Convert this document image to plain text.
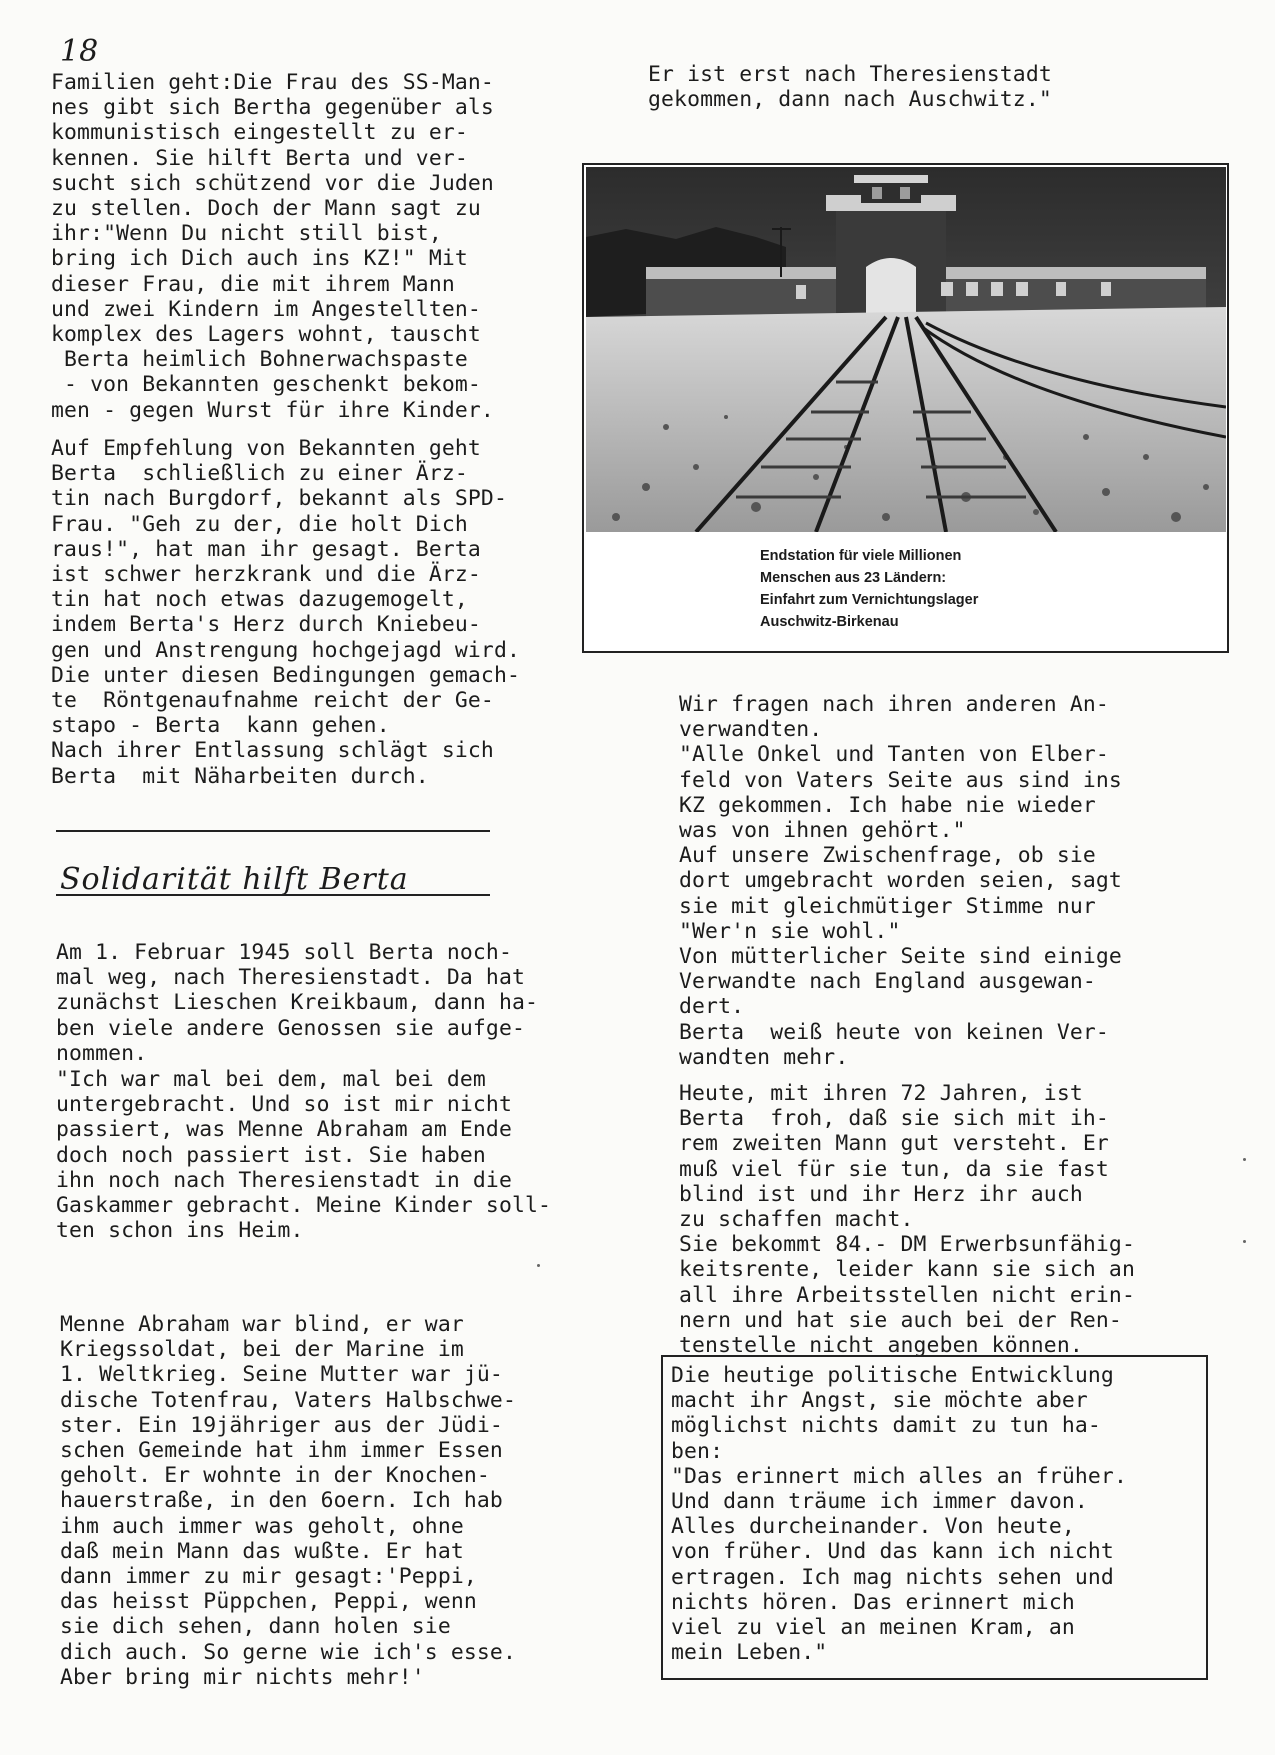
18

Familien geht:Die Frau des SS-Man-
nes gibt sich Bertha gegenüber als
kommunistisch eingestellt zu er-
kennen. Sie hilft Berta und ver-
sucht sich schützend vor die Juden
zu stellen. Doch der Mann sagt zu
ihr:"Wenn Du nicht still bist,
bring ich Dich auch ins KZ!" Mit
dieser Frau, die mit ihrem Mann
und zwei Kindern im Angestellten-
komplex des Lagers wohnt, tauscht
Berta heimlich Bohnerwachspaste
- von Bekannten geschenkt bekom-
men - gegen Wurst für ihre Kinder.

Auf Empfehlung von Bekannten geht
Berta  schließlich zu einer Ärz-
tin nach Burgdorf, bekannt als SPD-
Frau. "Geh zu der, die holt Dich
raus!", hat man ihr gesagt. Berta
ist schwer herzkrank und die Ärz-
tin hat noch etwas dazugemogelt,
indem Berta's Herz durch Kniebeu-
gen und Anstrengung hochgejagd wird.
Die unter diesen Bedingungen gemach-
te  Röntgenaufnahme reicht der Ge-
stapo - Berta  kann gehen.
Nach ihrer Entlassung schlägt sich
Berta  mit Näharbeiten durch.

Solidarität hilft Berta

Am 1. Februar 1945 soll Berta noch-
mal weg, nach Theresienstadt. Da hat
zunächst Lieschen Kreikbaum, dann ha-
ben viele andere Genossen sie aufge-
nommen.

"Ich war mal bei dem, mal bei dem
untergebracht. Und so ist mir nicht
passiert, was Menne Abraham am Ende
doch noch passiert ist. Sie haben
ihn noch nach Theresienstadt in die
Gaskammer gebracht. Meine Kinder soll-
ten schon ins Heim.

Menne Abraham war blind, er war
Kriegssoldat, bei der Marine im
1. Weltkrieg. Seine Mutter war jü-
dische Totenfrau, Vaters Halbschwe-
ster. Ein 19jähriger aus der Jüdi-
schen Gemeinde hat ihm immer Essen
geholt. Er wohnte in der Knochen-
hauerstraße, in den 6oern. Ich hab
ihm auch immer was geholt, ohne
daß mein Mann das wußte. Er hat
dann immer zu mir gesagt:'Peppi,
das heisst Püppchen, Peppi, wenn
sie dich sehen, dann holen sie
dich auch. So gerne wie ich's esse.
Aber bring mir nichts mehr!'

Er ist erst nach Theresienstadt
gekommen, dann nach Auschwitz."

Endstation für viele Millionen
Menschen aus 23 Ländern:
Einfahrt zum Vernichtungslager
Auschwitz-Birkenau

Wir fragen nach ihren anderen An-
verwandten.
"Alle Onkel und Tanten von Elber-
feld von Vaters Seite aus sind ins
KZ gekommen. Ich habe nie wieder
was von ihnen gehört."
Auf unsere Zwischenfrage, ob sie
dort umgebracht worden seien, sagt
sie mit gleichmütiger Stimme nur
"Wer'n sie wohl."
Von mütterlicher Seite sind einige
Verwandte nach England ausgewan-
dert.
Berta  weiß heute von keinen Ver-
wandten mehr.

Heute, mit ihren 72 Jahren, ist
Berta  froh, daß sie sich mit ih-
rem zweiten Mann gut versteht. Er
muß viel für sie tun, da sie fast
blind ist und ihr Herz ihr auch
zu schaffen macht.
Sie bekommt 84.- DM Erwerbsunfähig-
keitsrente, leider kann sie sich an
all ihre Arbeitsstellen nicht erin-
nern und hat sie auch bei der Ren-
tenstelle nicht angeben können.

Die heutige politische Entwicklung
macht ihr Angst, sie möchte aber
möglichst nichts damit zu tun ha-
ben:
"Das erinnert mich alles an früher.
Und dann träume ich immer davon.
Alles durcheinander. Von heute,
von früher. Und das kann ich nicht
ertragen. Ich mag nichts sehen und
nichts hören. Das erinnert mich
viel zu viel an meinen Kram, an
mein Leben."
